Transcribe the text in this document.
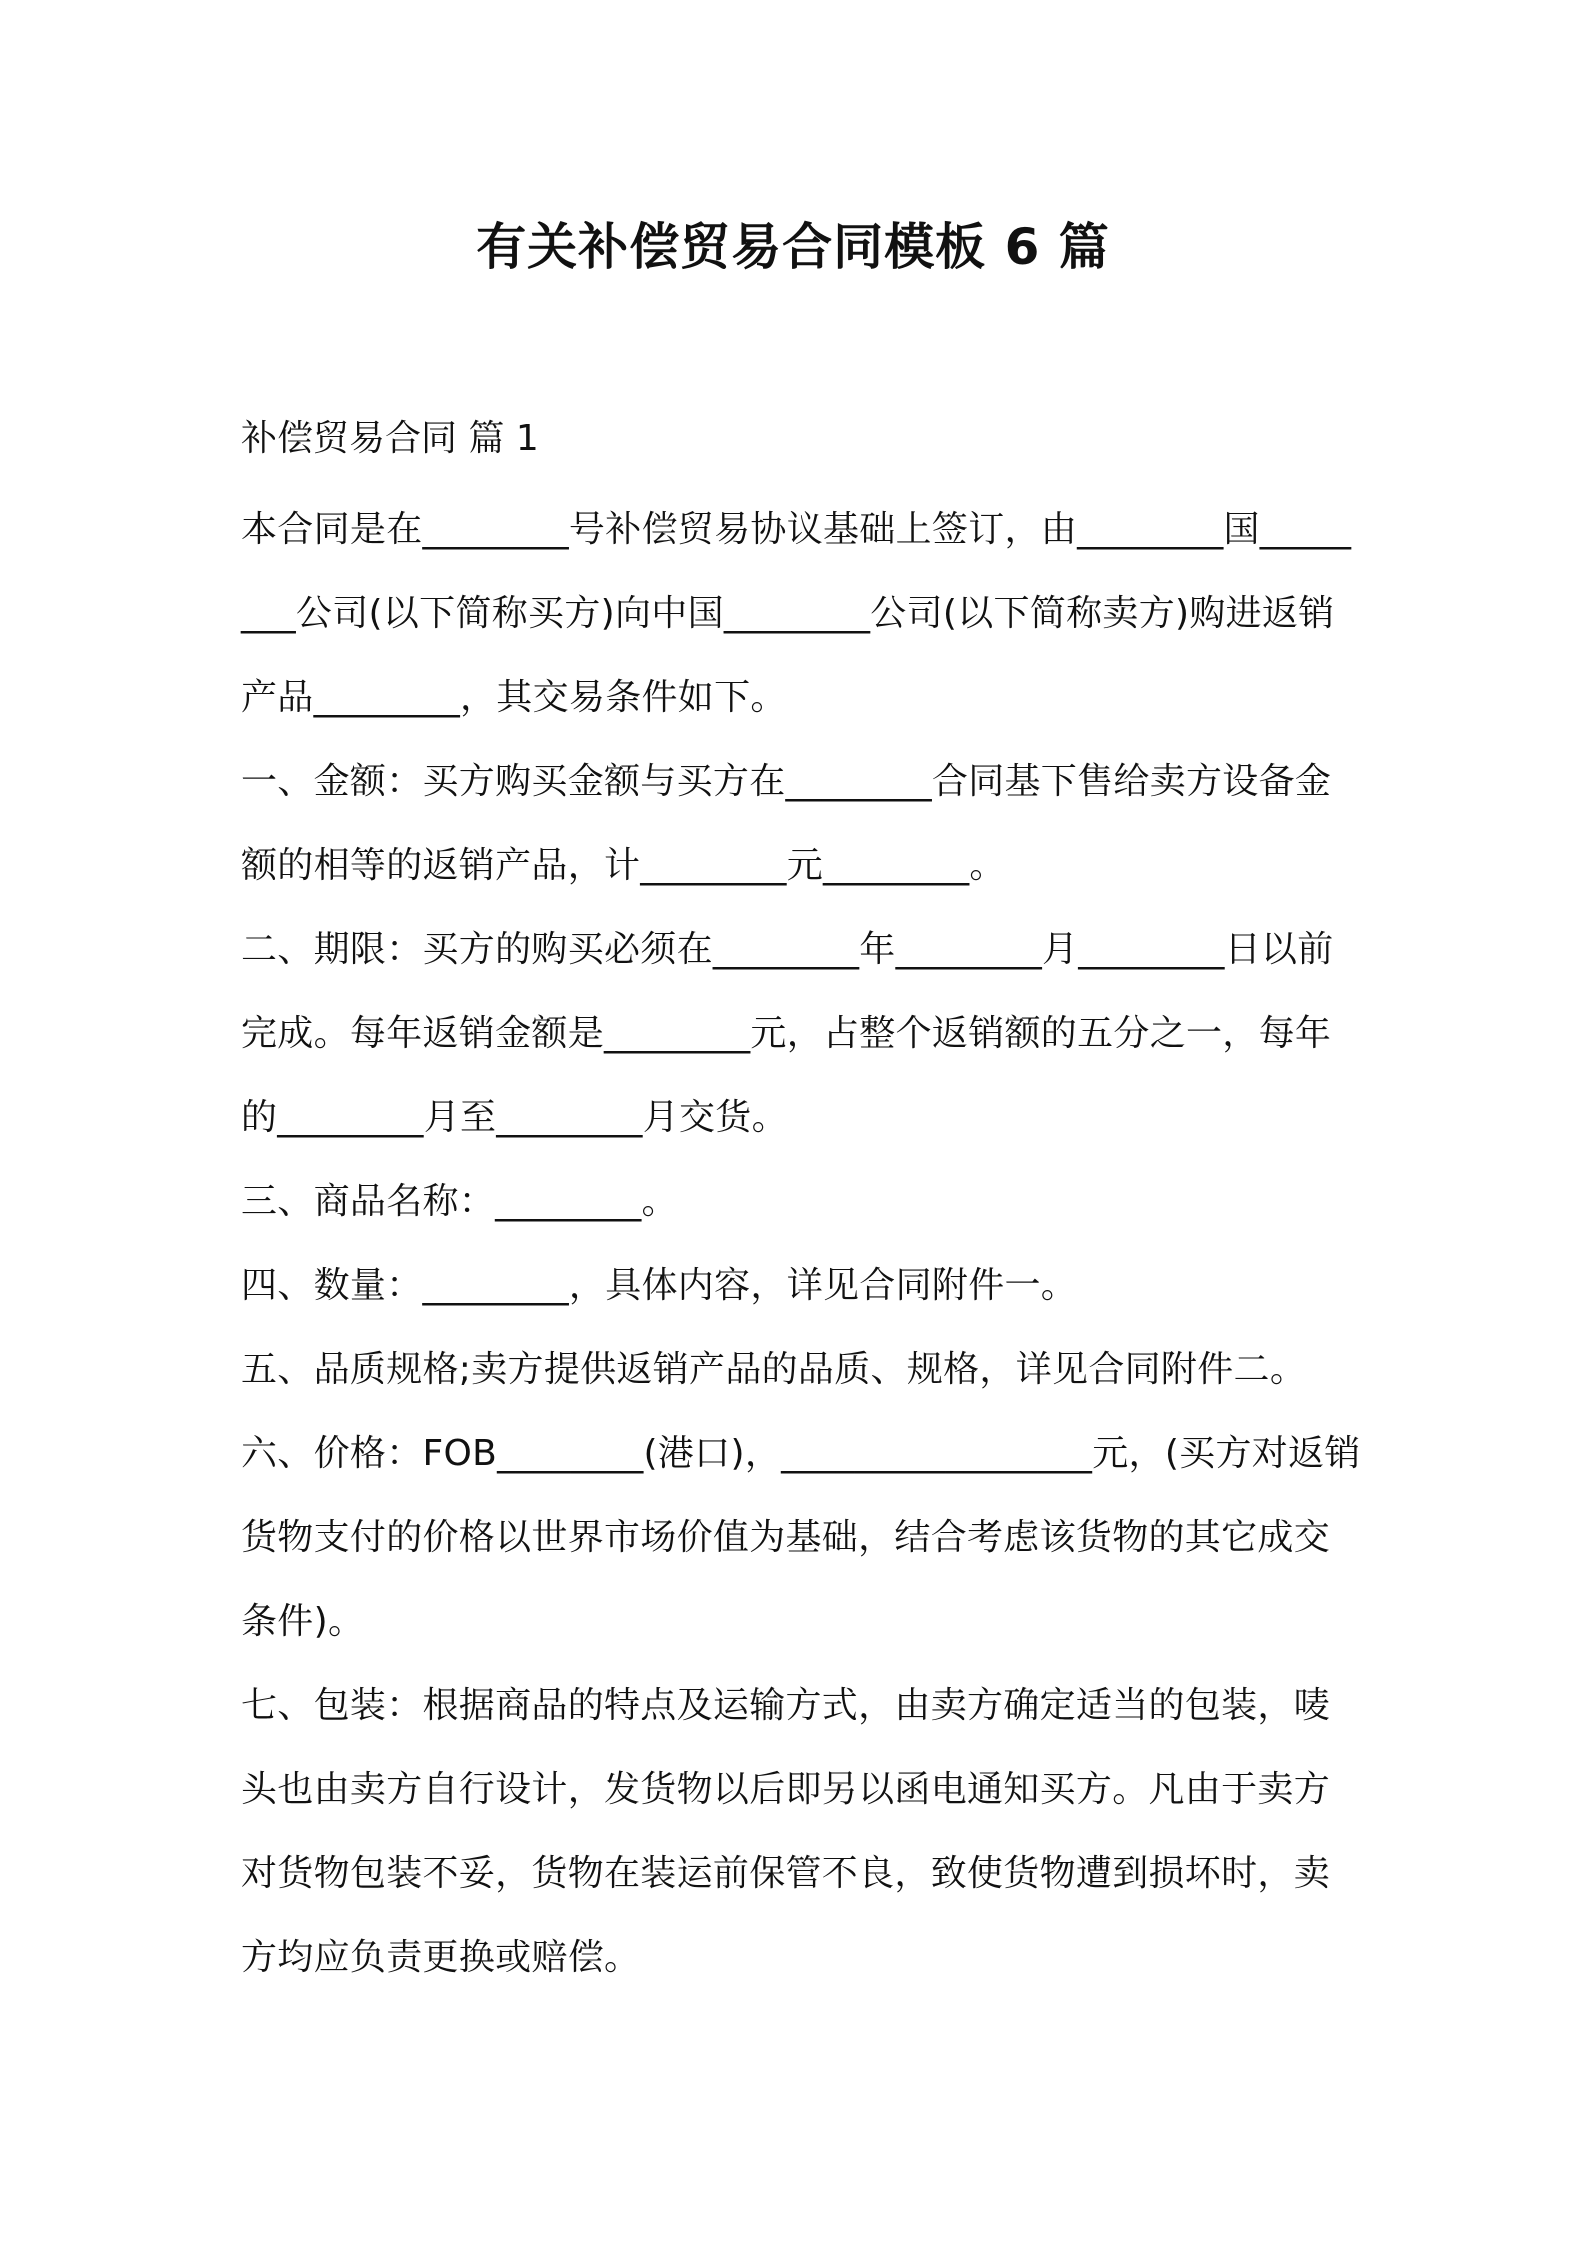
有关补偿贸易合同模板 6 篇
补偿贸易合同 篇 1

本合同是在________号补偿贸易协议基础上签订，由________国________公司(以下简称买方)向中国________公司(以下简称卖方)购进返销产品________，其交易条件如下。

一、金额：买方购买金额与买方在________合同基下售给卖方设备金额的相等的返销产品，计________元________。

二、期限：买方的购买必须在________年________月________日以前完成。每年返销金额是________元，占整个返销额的五分之一，每年的________月至________月交货。

三、商品名称：________。

四、数量：________，具体内容，详见合同附件一。

五、品质规格;卖方提供返销产品的品质、规格，详见合同附件二。

六、价格：FOB________(港口)，_________________元，(买方对返销货物支付的价格以世界市场价值为基础，结合考虑该货物的其它成交条件)。

七、包装：根据商品的特点及运输方式，由卖方确定适当的包装，唛头也由卖方自行设计，发货物以后即另以函电通知买方。凡由于卖方对货物包装不妥，货物在装运前保管不良，致使货物遭到损坏时，卖方均应负责更换或赔偿。
